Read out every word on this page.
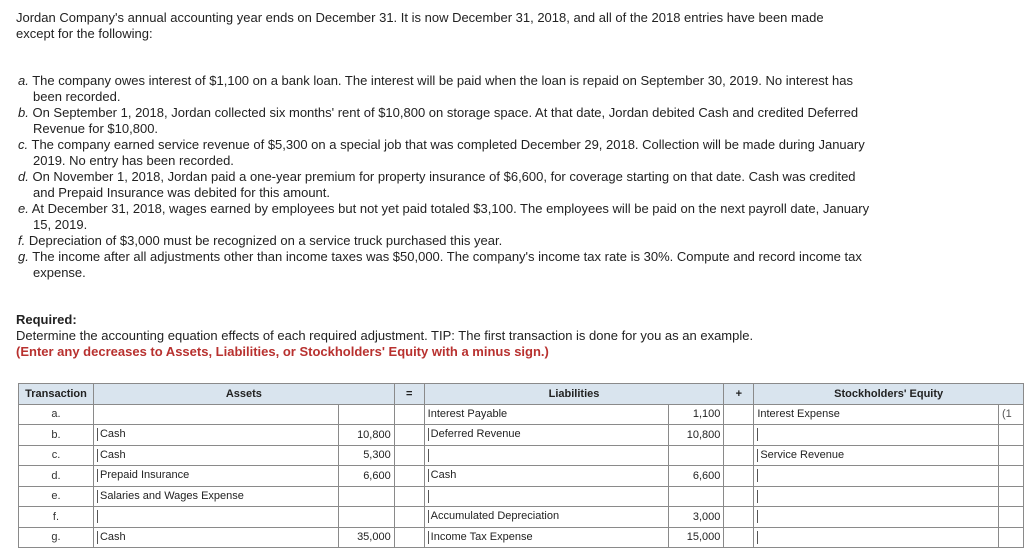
Jordan Company's annual accounting year ends on December 31. It is now December 31, 2018, and all of the 2018 entries have been made except for the following:

a. The company owes interest of $1,100 on a bank loan. The interest will be paid when the loan is repaid on September 30, 2019. No interest has been recorded.

b. On September 1, 2018, Jordan collected six months' rent of $10,800 on storage space. At that date, Jordan debited Cash and credited Deferred Revenue for $10,800.

c. The company earned service revenue of $5,300 on a special job that was completed December 29, 2018. Collection will be made during January 2019. No entry has been recorded.

d. On November 1, 2018, Jordan paid a one-year premium for property insurance of $6,600, for coverage starting on that date. Cash was credited and Prepaid Insurance was debited for this amount.

e. At December 31, 2018, wages earned by employees but not yet paid totaled $3,100. The employees will be paid on the next payroll date, January 15, 2019.

f. Depreciation of $3,000 must be recognized on a service truck purchased this year.

g. The income after all adjustments other than income taxes was $50,000. The company's income tax rate is 30%. Compute and record income tax expense.

Required:
Determine the accounting equation effects of each required adjustment. TIP: The first transaction is done for you as an example.
(Enter any decreases to Assets, Liabilities, or Stockholders' Equity with a minus sign.)
Transaction	Assets		=	Liabilities		+	Stockholders' Equity	
a.				Interest Payable	1,100		Interest Expense	(1
b.	Cash	10,800		Deferred Revenue	10,800			
c.	Cash	5,300					Service Revenue	
d.	Prepaid Insurance	6,600		Cash	6,600			
e.	Salaries and Wages Expense							
f.				Accumulated Depreciation	3,000			
g.	Cash	35,000		Income Tax Expense	15,000			
